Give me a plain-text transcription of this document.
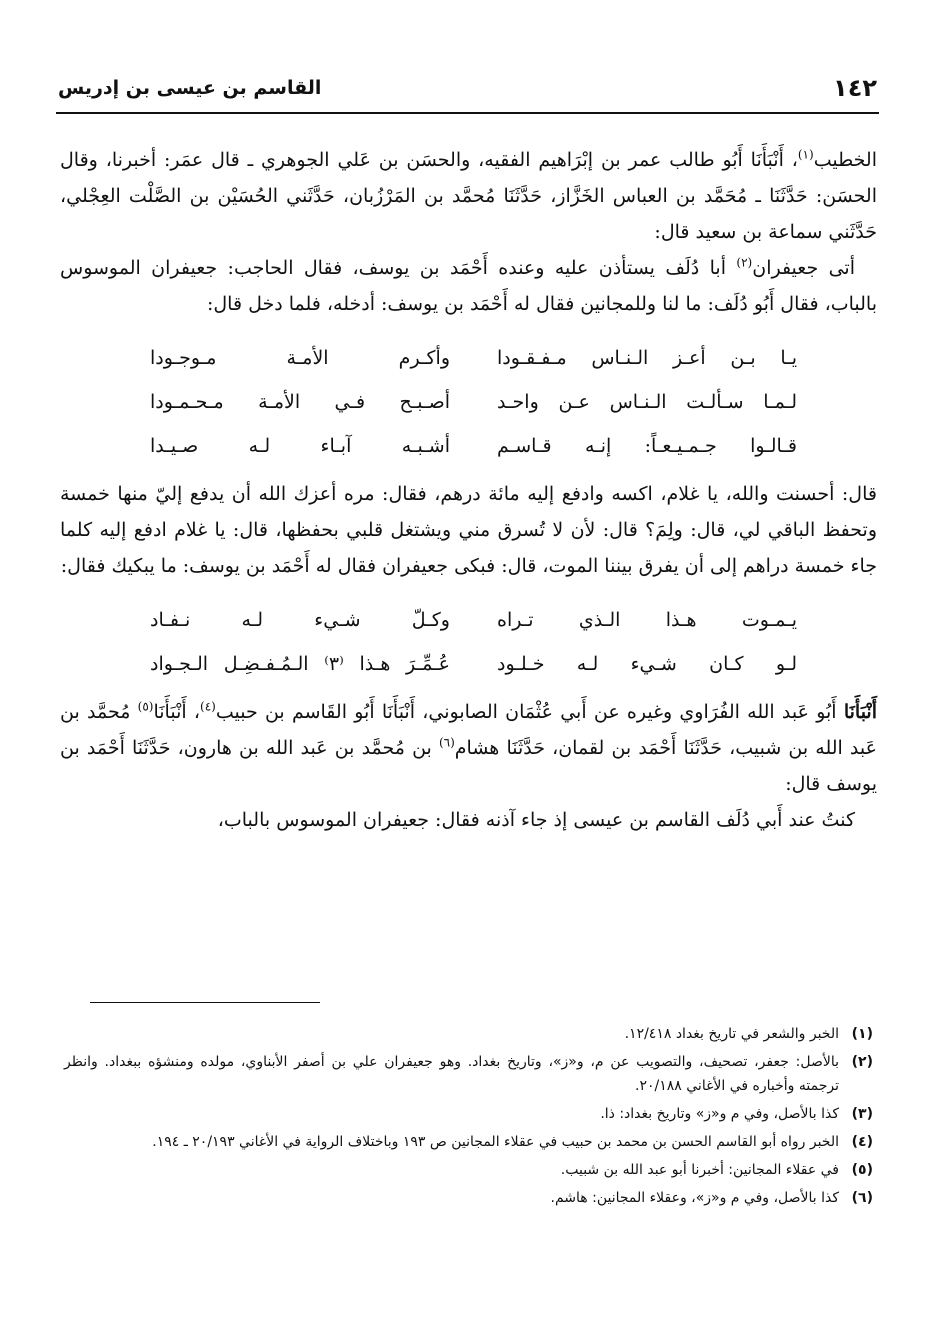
١٤٢
القاسم بن عيسى بن إدريس

الخطيب$^{(١)}$، أَنْبَأَنَا أَبُو طالب عمر بن إبْرَاهيم الفقيه، والحسَن بن عَلي الجوهري ـ قال عمَر: أخبرنا، وقال الحسَن: حَدَّثَنَا ـ مُحَمَّد بن العباس الخَزَّاز، حَدَّثَنَا مُحمَّد بن المَرْزُبان، حَدَّثَني الحُسَيْن بن الصَّلْت العِجْلي، حَدَّثَني سماعة بن سعيد قال:

أتى جعيفران$^{(٢)}$ أبا دُلَف يستأذن عليه وعنده أَحْمَد بن يوسف، فقال الحاجب: جعيفران الموسوس بالباب، فقال أَبُو دُلَف: ما لنا وللمجانين فقال له أَحْمَد بن يوسف: أدخله، فلما دخل قال:

يـا بـن أعـز الـنـاس مـفـقـودا
وأكـرم الأمـة مـوجـودا
لـمـا سـألـت الـنـاس عـن واحـد
أصـبـح فـي الأمـة مـحـمـودا
قـالـوا جـمـيـعـاً: إنـه قـاسـم
أشـبـه آبـاء لـه صـيـدا

قال: أحسنت والله، يا غلام، اكسه وادفع إليه مائة درهم، فقال: مره أعزك الله أن يدفع إليّ منها خمسة وتحفظ الباقي لي، قال: ولِمَ؟ قال: لأن لا تُسرق مني ويشتغل قلبي بحفظها، قال: يا غلام ادفع إليه كلما جاء خمسة دراهم إلى أن يفرق بيننا الموت، قال: فبكى جعيفران فقال له أَحْمَد بن يوسف: ما يبكيك فقال:

يـمـوت هـذا الـذي تـراه
وكـلّ شـيء لـه نـفـاد
لـو كـان شـيء لـه خـلـود
عُـمِّـرَ هـذا ⁽٣⁾ الـمُـفـضِـل الـجـواد

أَنْبَأَنَا أَبُو عَبد الله الفُرَاوي وغيره عن أَبي عُثْمَان الصابوني، أَنْبَأَنَا أَبُو القَاسم بن حبيب$^{(٤)}$، أَنْبَأَنَا$^{(٥)}$ مُحمَّد بن عَبد الله بن شبيب، حَدَّثَنَا أَحْمَد بن لقمان، حَدَّثَنَا هشام$^{(٦)}$ بن مُحمَّد بن عَبد الله بن هارون، حَدَّثَنَا أَحْمَد بن يوسف قال:

كنتُ عند أَبي دُلَف القاسم بن عيسى إذ جاء آذنه فقال: جعيفران الموسوس بالباب،

(١)
الخبر والشعر في تاريخ بغداد ١٢/٤١٨.
(٢)
بالأصل: جعفر، تصحيف، والتصويب عن م، و«ز»، وتاريخ بغداد. وهو جعيفران علي بن أصفر الأبناوي، مولده ومنشؤه ببغداد. وانظر ترجمته وأخباره في الأغاني ٢٠/١٨٨.
(٣)
كذا بالأصل، وفي م و«ز» وتاريخ بغداد: ذا.
(٤)
الخبر رواه أبو القاسم الحسن بن محمد بن حبيب في عقلاء المجانين ص ١٩٣ وباختلاف الرواية في الأغاني ٢٠/١٩٣ ـ ١٩٤.
(٥)
في عقلاء المجانين: أخبرنا أبو عبد الله بن شبيب.
(٦)
كذا بالأصل، وفي م و«ز»، وعقلاء المجانين: هاشم.
